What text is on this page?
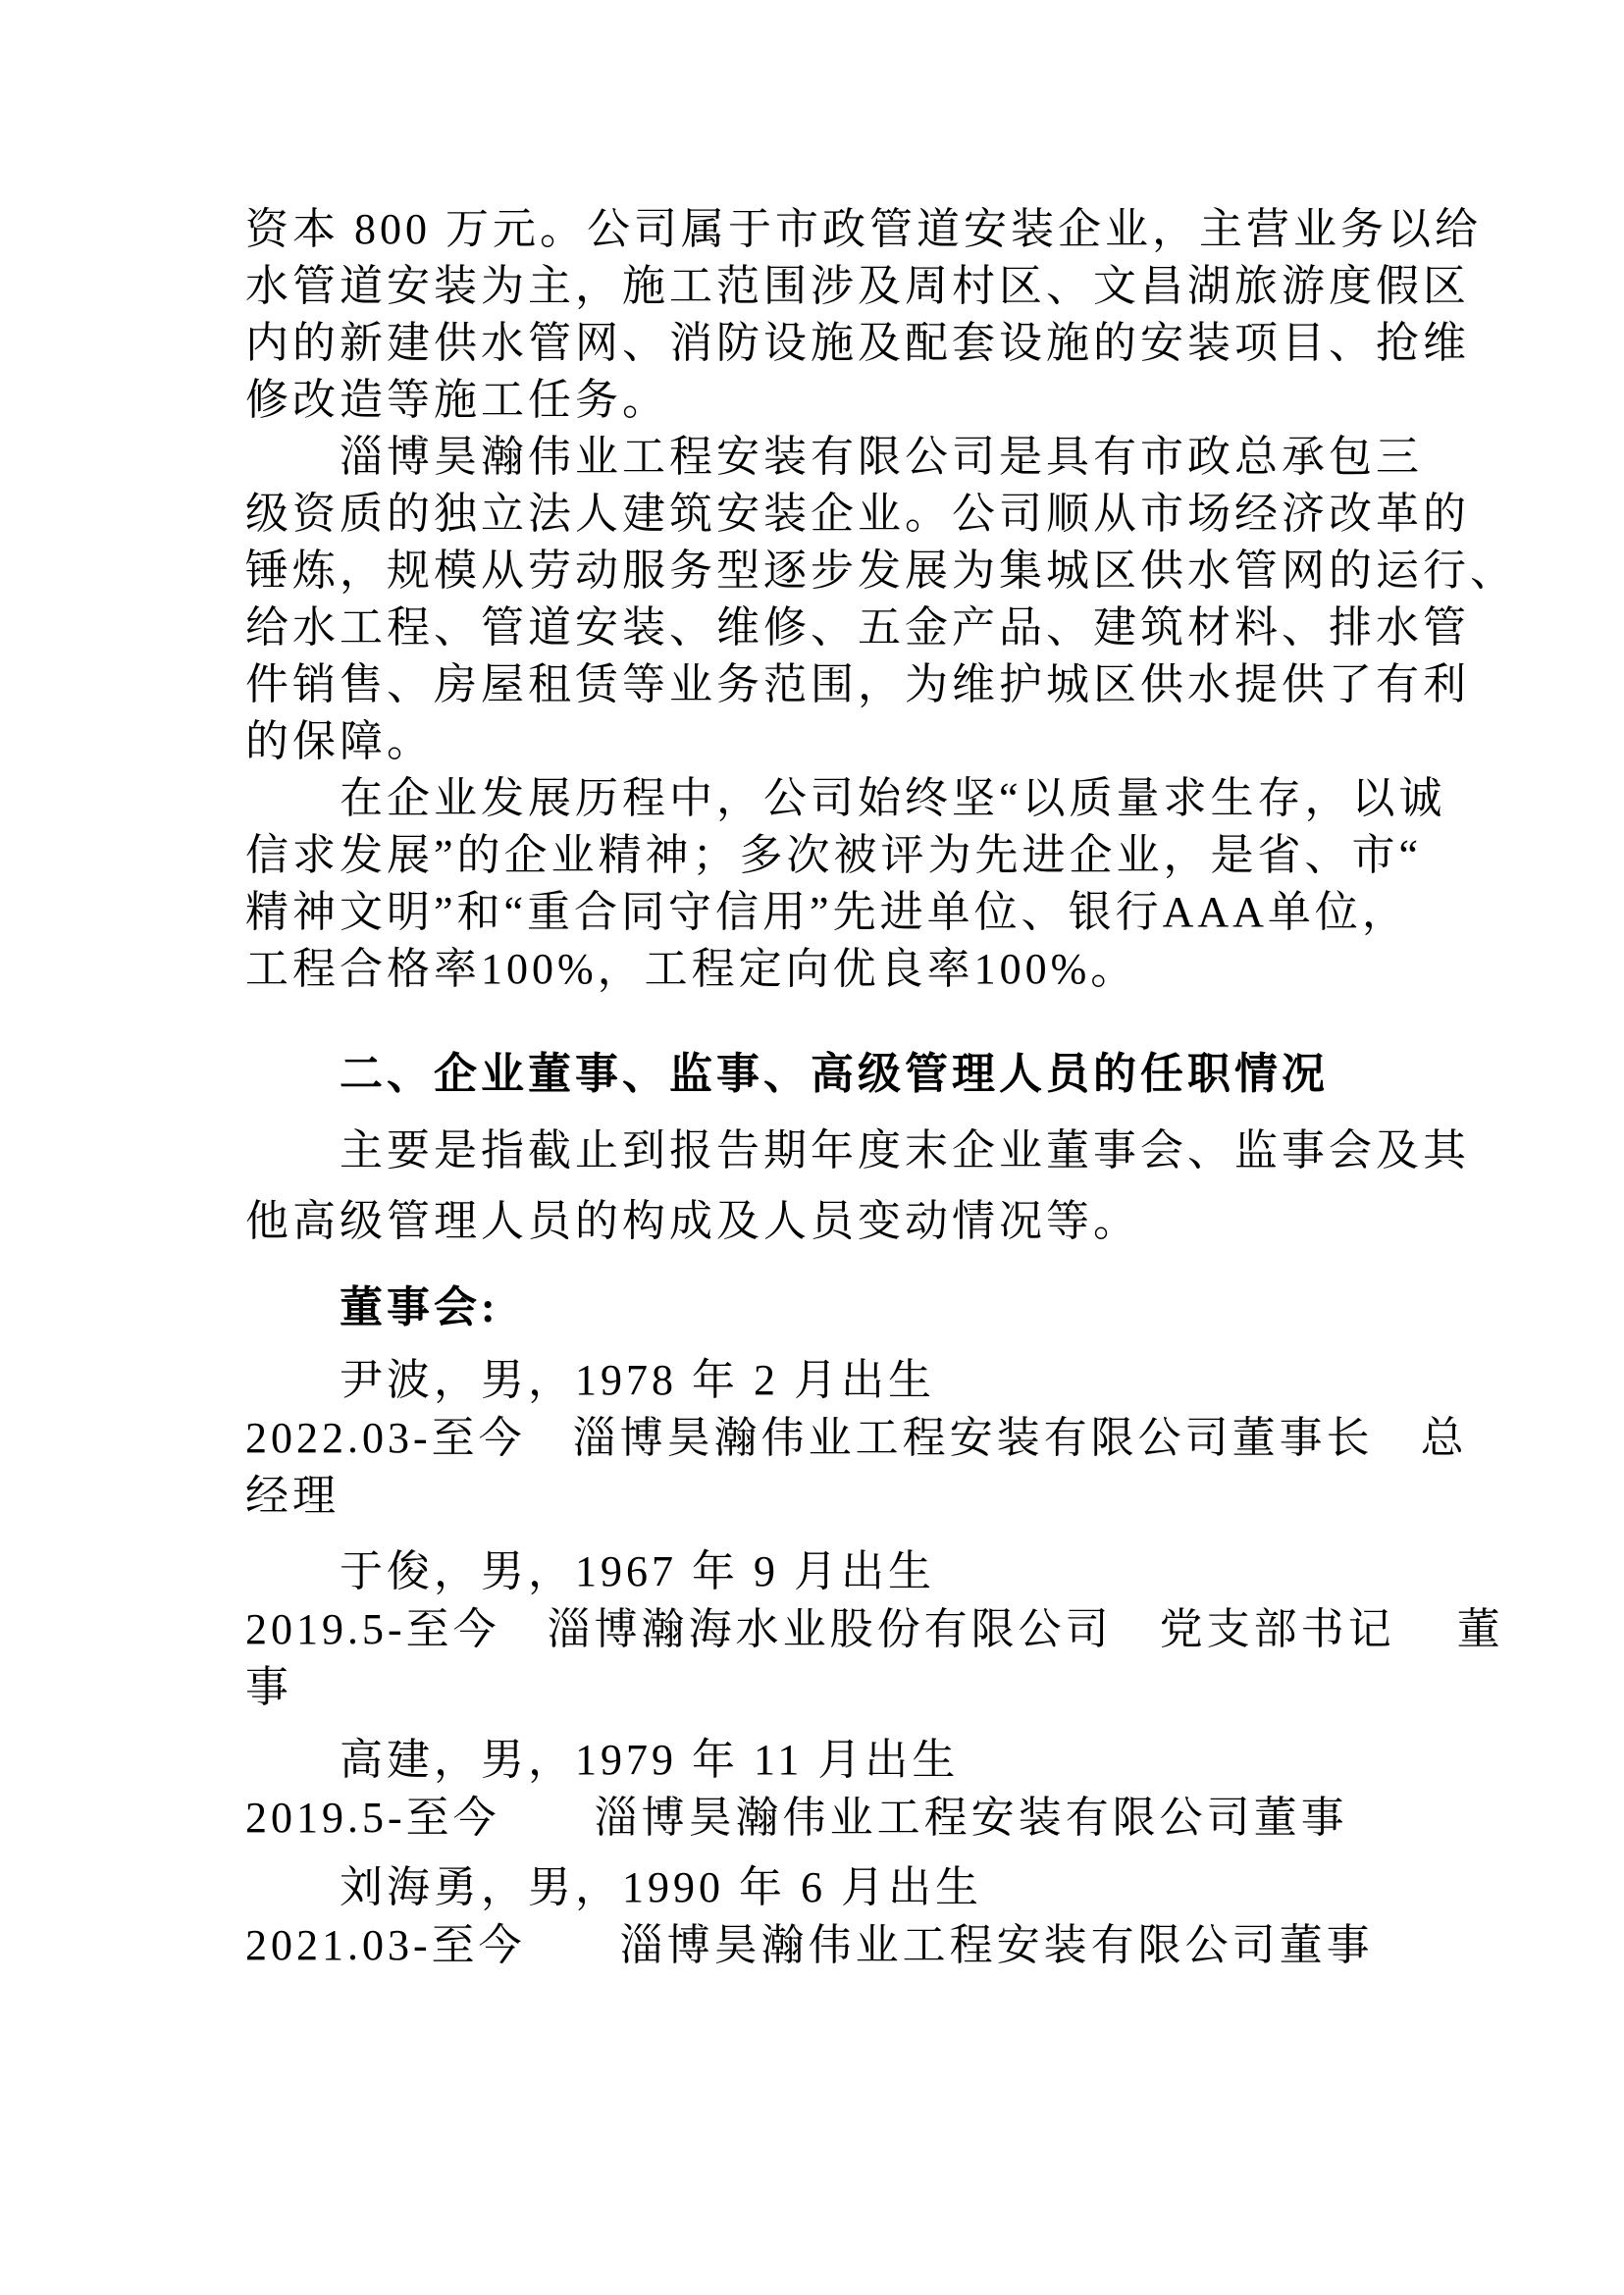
资本 800 万元。公司属于市政管道安装企业，主营业务以给
水管道安装为主，施工范围涉及周村区、文昌湖旅游度假区
内的新建供水管网、消防设施及配套设施的安装项目、抢维
修改造等施工任务。
淄博昊瀚伟业工程安装有限公司是具有市政总承包三
级资质的独立法人建筑安装企业。公司顺从市场经济改革的
锤炼，规模从劳动服务型逐步发展为集城区供水管网的运行、
给水工程、管道安装、维修、五金产品、建筑材料、排水管
件销售、房屋租赁等业务范围，为维护城区供水提供了有利
的保障。
在企业发展历程中，公司始终坚“以质量求生存，以诚
信求发展”的企业精神；多次被评为先进企业，是省、市“
精神文明”和“重合同守信用”先进单位、银行AAA单位，
工程合格率100%，工程定向优良率100%。
二、企业董事、监事、高级管理人员的任职情况
主要是指截止到报告期年度末企业董事会、监事会及其
他高级管理人员的构成及人员变动情况等。
董事会:
尹波，男，1978 年 2 月出生
2022.03-至今　淄博昊瀚伟业工程安装有限公司董事长　总
经理
于俊，男，1967 年 9 月出生
2019.5-至今　淄博瀚海水业股份有限公司　党支部书记　 董
事
高建，男，1979 年 11 月出生
2019.5-至今　　淄博昊瀚伟业工程安装有限公司董事
刘海勇，男，1990 年 6 月出生
2021.03-至今　　淄博昊瀚伟业工程安装有限公司董事
